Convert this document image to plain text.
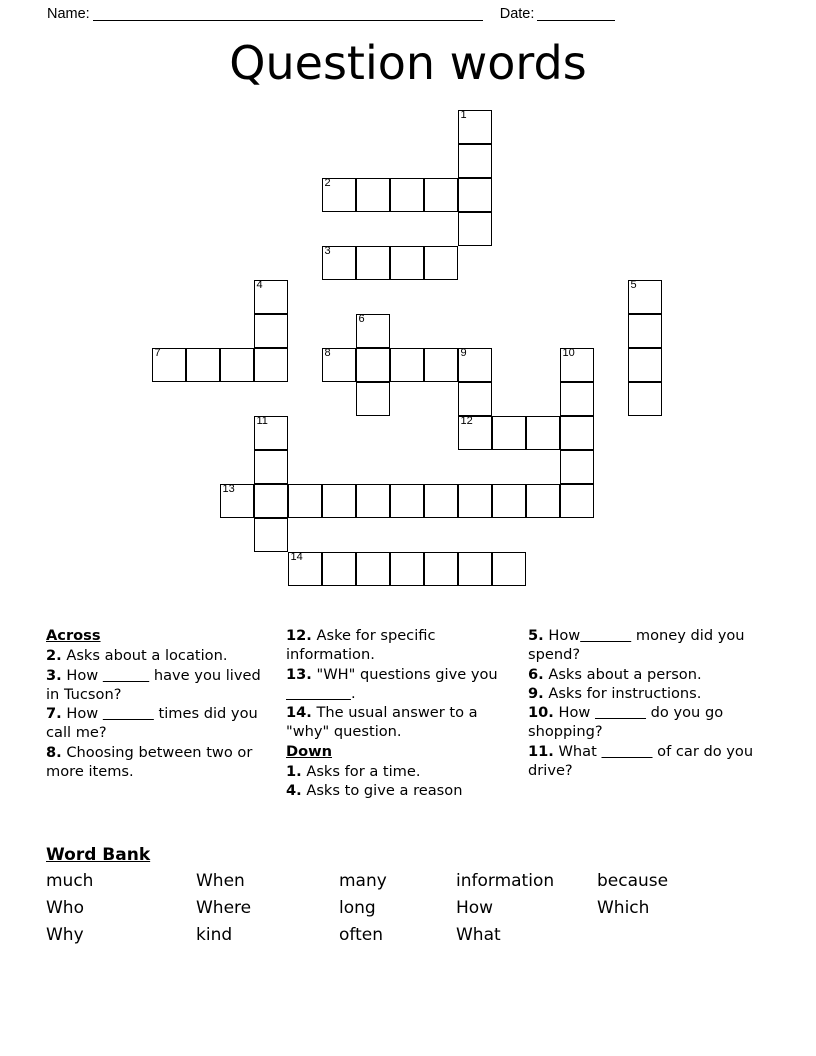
Name:	Date:
Question words
1
2
3
4	5
6
7	8	9
12
10
11
13
14
Across
2. Asks about a location.
3. How	have you lived in Tucson?
7. How	times did you call me?
8. Choosing between two or more items.
12. Aske for specific information.
13. "WH" questions give you               .
14. The usual answer to a "why" question.
Down
1. Asks for a time.
4. Asks to give a reason
5. How	money did you spend?
6. Asks about a person.
9. Asks for instructions.
10. How	do you go shopping?
11. What	of car do you drive?
Word Bank
much	When	many	information	because
Who	Where	long	How	Which
Why	kind	often	What	
